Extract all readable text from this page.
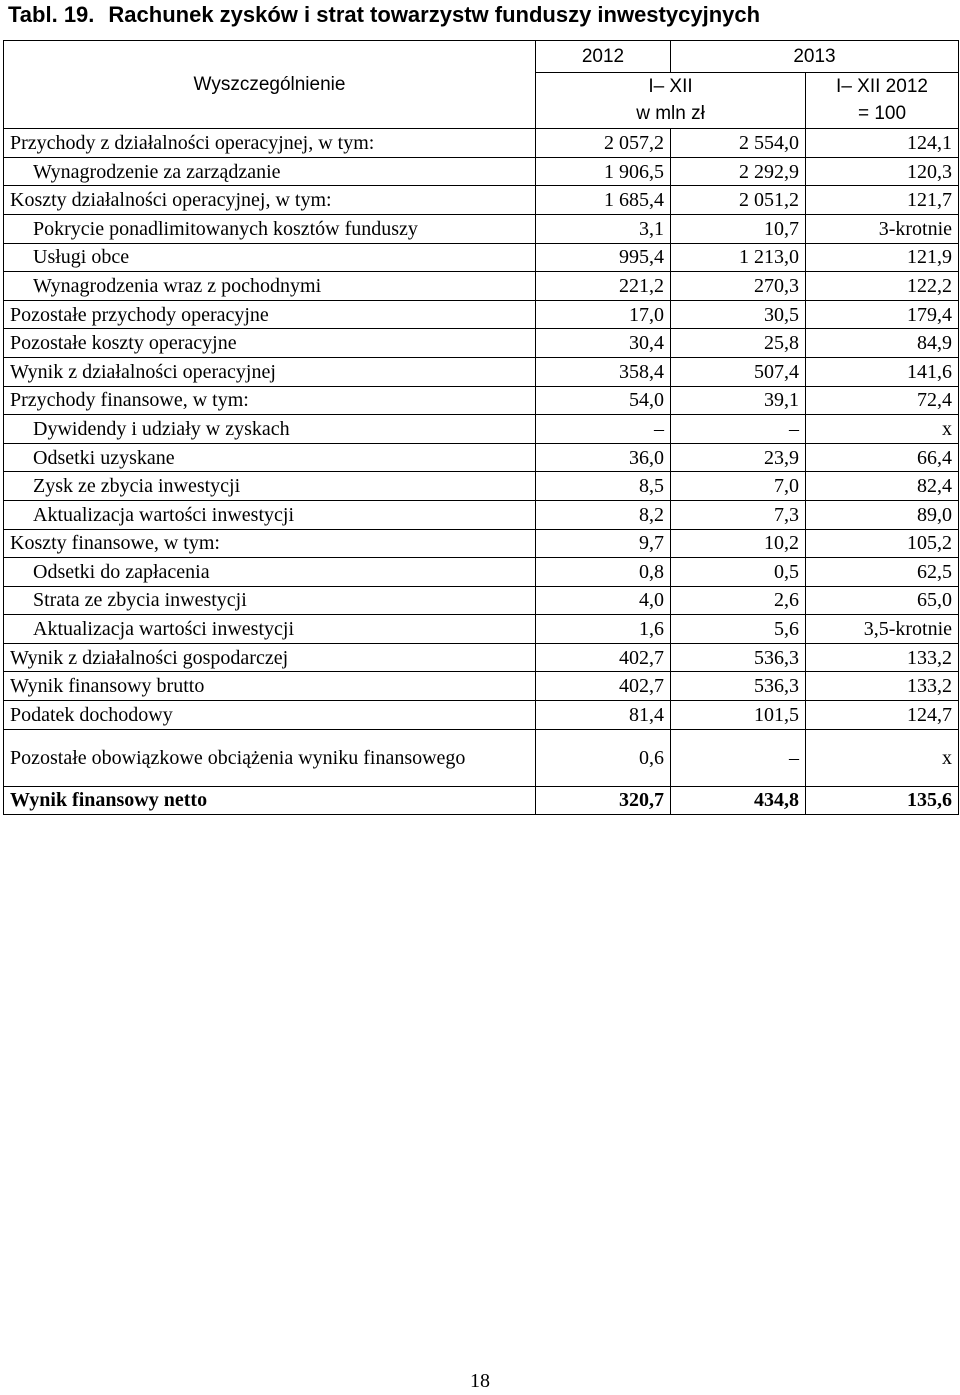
Tabl. 19. Rachunek zysków i strat towarzystw funduszy inwestycyjnych
Wyszczególnienie	2012	2013	
	I– XII		I– XII 2012
	w mln zł		= 100
Przychody z działalności operacyjnej, w tym:	2 057,2	2 554,0	124,1
Wynagrodzenie za zarządzanie	1 906,5	2 292,9	120,3
Koszty działalności operacyjnej, w tym:	1 685,4	2 051,2	121,7
Pokrycie ponadlimitowanych kosztów funduszy	3,1	10,7	3-krotnie
Usługi obce	995,4	1 213,0	121,9
Wynagrodzenia wraz z pochodnymi	221,2	270,3	122,2
Pozostałe przychody operacyjne	17,0	30,5	179,4
Pozostałe koszty operacyjne	30,4	25,8	84,9
Wynik z działalności operacyjnej	358,4	507,4	141,6
Przychody finansowe, w tym:	54,0	39,1	72,4
Dywidendy i udziały w zyskach	–	–	x
Odsetki uzyskane	36,0	23,9	66,4
Zysk ze zbycia inwestycji	8,5	7,0	82,4
Aktualizacja wartości inwestycji	8,2	7,3	89,0
Koszty finansowe, w tym:	9,7	10,2	105,2
Odsetki do zapłacenia	0,8	0,5	62,5
Strata ze zbycia inwestycji	4,0	2,6	65,0
Aktualizacja wartości inwestycji	1,6	5,6	3,5-krotnie
Wynik z działalności gospodarczej	402,7	536,3	133,2
Wynik finansowy brutto	402,7	536,3	133,2
Podatek dochodowy	81,4	101,5	124,7
Pozostałe obowiązkowe obciążenia wyniku finansowego	0,6	–	x
Wynik finansowy netto	320,7	434,8	135,6
18
